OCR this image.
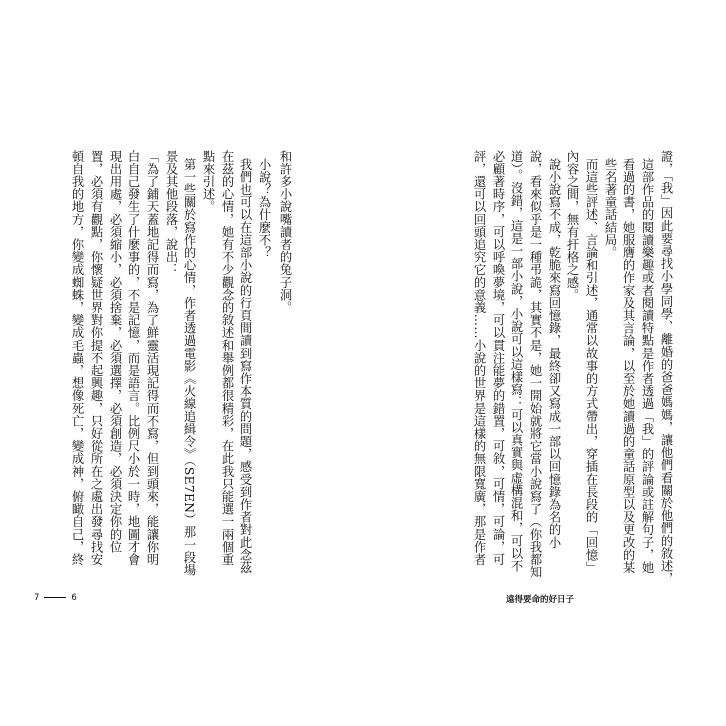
和許多小說嘴讀者的兔子洞。
小說？為什麼不？
我們也可以在這部小說的行頁間讀到寫作本質的問題，感受到作者對此念茲
在茲的心情，她有不少觀念的敘述和舉例都很精彩，在此我只能選一兩個重
點來引述。
第一些關於寫作的心情，作者透過電影《火線追緝令》（SE7EN）那一段場
景及其他段落，說出：
「為了鋪天蓋地記得而寫，為了鮮靈活現記得而不寫，但到頭來，能讓你明
白自己發生了什麼事的，不是記憶，而是語言。比例尺小於一時，地圖才會
現出用處，必須縮小，必須捨棄，必須選擇，必須創造，必須決定你的位
置，必須有觀點，你懷疑世界對你提不起興趣，只好從所在之處出發尋找安
頓自我的地方，你變成蜘蛛，變成毛蟲，想像死亡，變成神，俯瞰自己，終
7	6
證，「我」因此要尋找小學同學、離婚的爸爸媽媽，讓他們看關於他們的敘述，
這部作品的閱讀樂趣或者閱讀特點是作者透過「我」的評論或註解句子，她
看過的書，她服膺的作家及其言論，以至於她讀過的童話原型以及更改的某
些名著童話結局。
而這些評述、言論和引述，通常以故事的方式帶出，穿插在長段的「回憶」
內容之間，無有扞格之感。
說小說寫不成，乾脆來寫回憶錄，最終卻又寫成一部以回憶錄為名的小
說，看來似乎是一種弔詭，其實不是，她一開始就將它當小說寫了（你我都知
道）。沒錯，這是一部小說，小說可以這樣寫：可以真實與虛構混和，可以不
必顧著時序，可以呼喚夢境，可以貫注能夢的錯置，可敘，可情，可論，可
評，還可以回頭追究它的意義……小說的世界是這樣的無限寬廣，那是作者
遠得要命的好日子
